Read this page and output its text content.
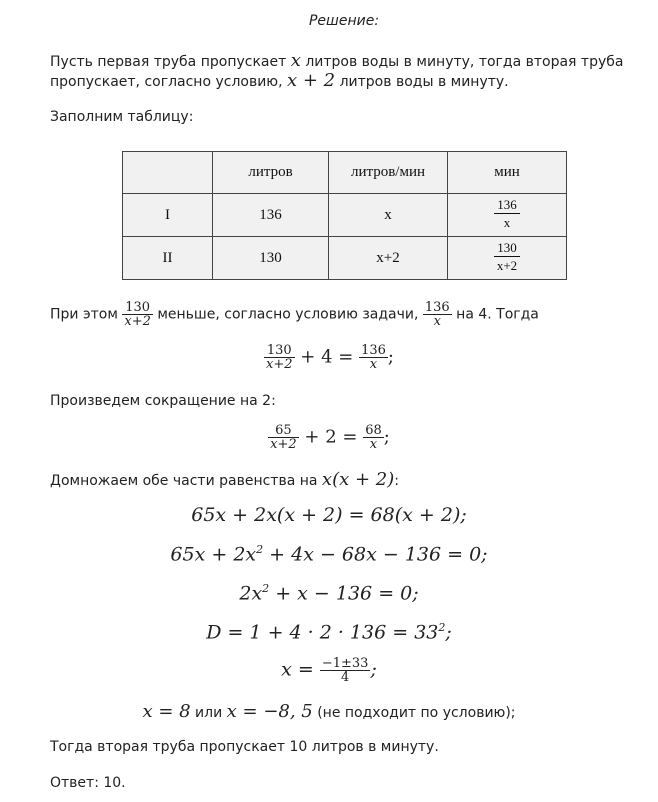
Решение:
Пусть первая труба пропускает x литров воды в минуту, тогда вторая труба
пропускает, согласно условию, x + 2 литров воды в минуту.
Заполним таблицу:
	литров	литров/мин	мин
I	136	x	$\frac{136}{x}$

II	130	x+2	$\frac{130}{x+2}$
При этом $\frac{130}{x+2}$ меньше, согласно условию задачи, $\frac{136}{x}$ на 4. Тогда
$\frac{130}{x+2} + 4 = \frac{136}{x}$ ;
Произведем сокращение на 2:
$\frac{65}{x+2} + 2 = \frac{68}{x}$ ;
Домножаем обе части равенства на x(x + 2):
65x + 2x(x + 2) = 68(x + 2);
$65x + 2x^2 + 4x - 68x - 136 = 0$;
$2x^2 + x - 136 = 0$;
$D = 1 + 4 \cdot 2 \cdot 136 = 33^2$;
$x = \frac{-1\pm 33}{4}$ ;
x = 8 или x = −8, 5 (не подходит по условию);
Тогда вторая труба пропускает 10 литров в минуту.
Ответ: 10.
